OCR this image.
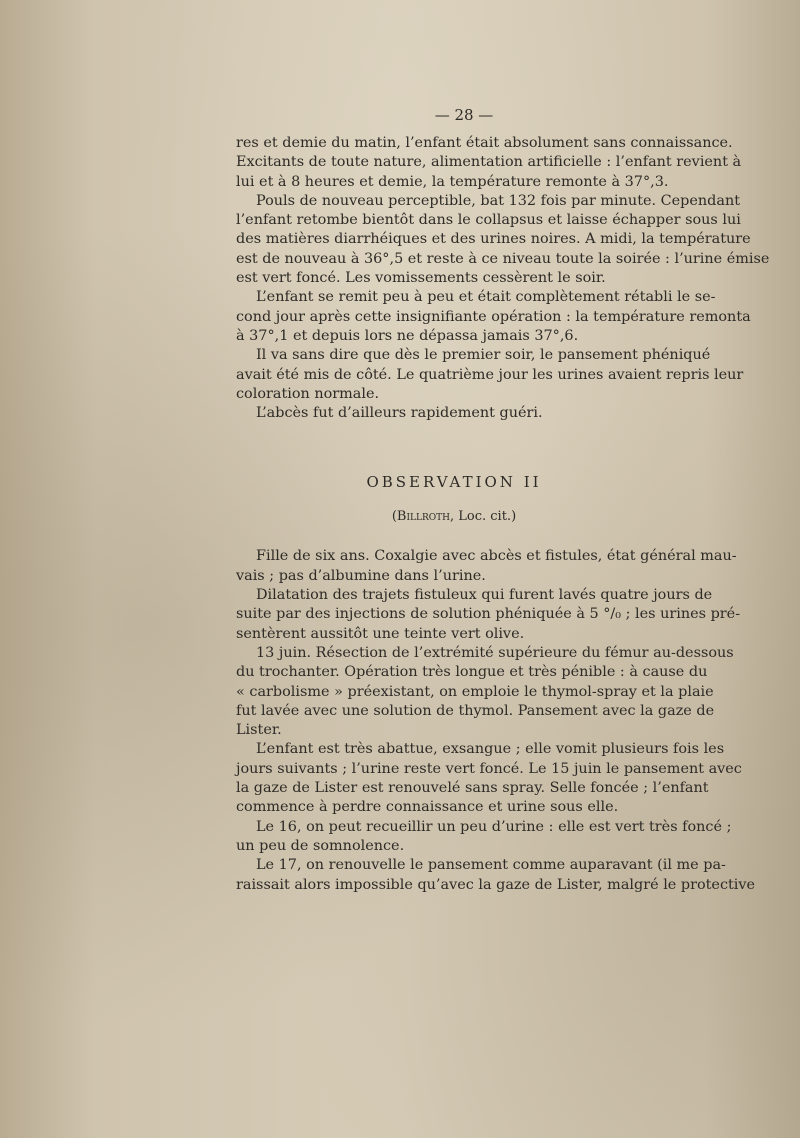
— 28 —
res et demie du matin, l’enfant était absolument sans connaissance.
Excitants de toute nature, alimentation artificielle : l’enfant revient à
lui et à 8 heures et demie, la température remonte à 37°,3.
Pouls de nouveau perceptible, bat 132 fois par minute. Cependant
l’enfant retombe bientôt dans le collapsus et laisse échapper sous lui
des matières diarrhéiques et des urines noires. A midi, la température
est de nouveau à 36°,5 et reste à ce niveau toute la soirée : l’urine émise
est vert foncé. Les vomissements cessèrent le soir.
L’enfant se remit peu à peu et était complètement rétabli le se-
cond jour après cette insignifiante opération : la température remonta
à 37°,1 et depuis lors ne dépassa jamais 37°,6.
Il va sans dire que dès le premier soir, le pansement phéniqué
avait été mis de côté. Le quatrième jour les urines avaient repris leur
coloration normale.
L’abcès fut d’ailleurs rapidement guéri.
OBSERVATION II
(Billroth, Loc. cit.)
Fille de six ans. Coxalgie avec abcès et fistules, état général mau-
vais ; pas d’albumine dans l’urine.
Dilatation des trajets fistuleux qui furent lavés quatre jours de
suite par des injections de solution phéniquée à 5 °/₀ ; les urines pré-
sentèrent aussitôt une teinte vert olive.
13 juin. Résection de l’extrémité supérieure du fémur au-dessous
du trochanter. Opération très longue et très pénible : à cause du
« carbolisme » préexistant, on emploie le thymol-spray et la plaie
fut lavée avec une solution de thymol. Pansement avec la gaze de
Lister.
L’enfant est très abattue, exsangue ; elle vomit plusieurs fois les
jours suivants ; l’urine reste vert foncé. Le 15 juin le pansement avec
la gaze de Lister est renouvelé sans spray. Selle foncée ; l’enfant
commence à perdre connaissance et urine sous elle.
Le 16, on peut recueillir un peu d’urine : elle est vert très foncé ;
un peu de somnolence.
Le 17, on renouvelle le pansement comme auparavant (il me pa-
raissait alors impossible qu’avec la gaze de Lister, malgré le protective
